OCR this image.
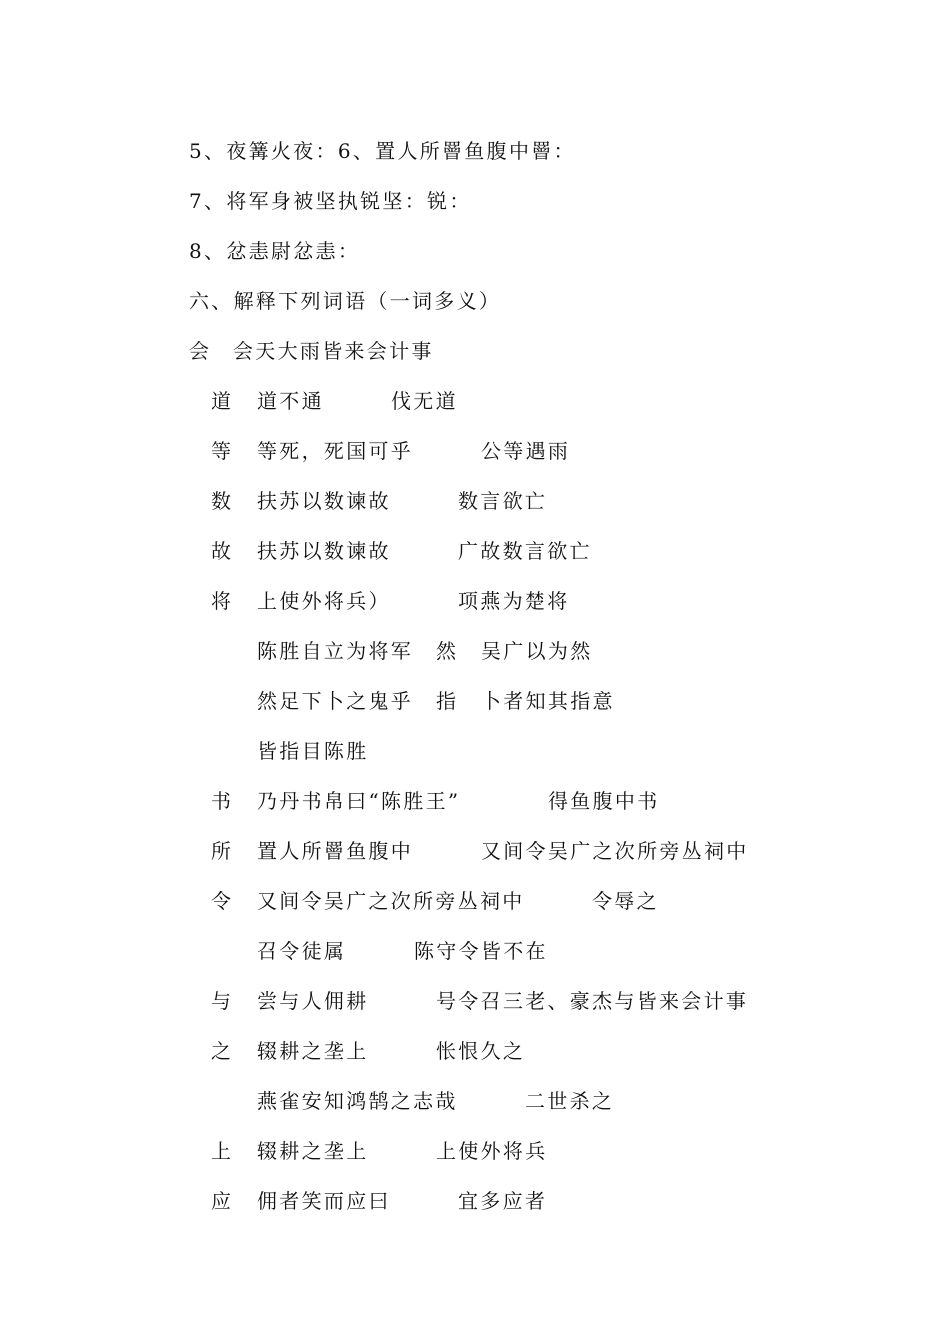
5、夜篝火夜：6、置人所罾鱼腹中罾：
7、将军身被坚执锐坚：锐：
8、忿恚尉忿恚：
六、解释下列词语（一词多义）
会 会天大雨皆来会计事
道 道不通	伐无道
等 等死，死国可乎	公等遇雨
数 扶苏以数谏故	数言欲亡
故 扶苏以数谏故	广故数言欲亡
将 上使外将兵）	项燕为楚将
陈胜自立为将军 然 吴广以为然
然足下卜之鬼乎 指 卜者知其指意
皆指目陈胜
书 乃丹书帛曰“陈胜王”	得鱼腹中书
所 置人所罾鱼腹中	又间令吴广之次所旁丛祠中
令 又间令吴广之次所旁丛祠中	令辱之
召令徒属	陈守令皆不在
与 尝与人佣耕	号令召三老、豪杰与皆来会计事
之 辍耕之垄上	怅恨久之
燕雀安知鸿鹄之志哉	二世杀之
上 辍耕之垄上	上使外将兵
应 佣者笑而应曰	宜多应者
